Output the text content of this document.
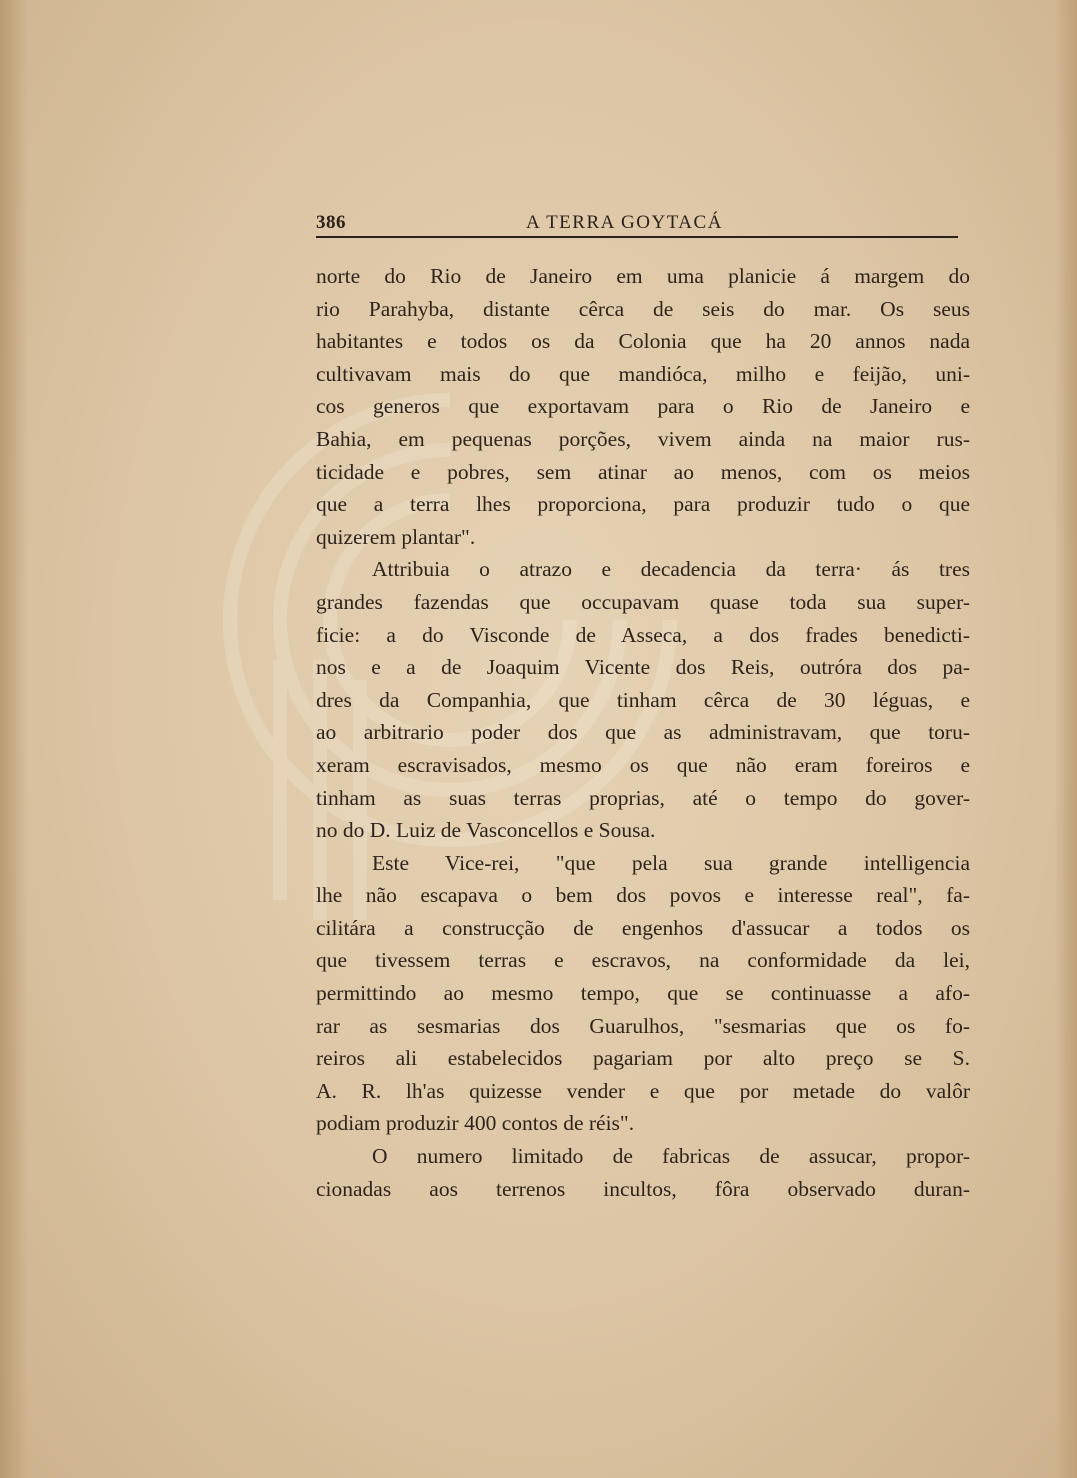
386	A TERRA GOYTACÁ
norte do Rio de Janeiro em uma planicie á margem do
rio Parahyba, distante cêrca de seis do mar. Os seus
habitantes e todos os da Colonia que ha 20 annos nada
cultivavam mais do que mandióca, milho e feijão, uni-
cos generos que exportavam para o Rio de Janeiro e
Bahia, em pequenas porções, vivem ainda na maior rus-
ticidade e pobres, sem atinar ao menos, com os meios
que a terra lhes proporciona, para produzir tudo o que
quizerem plantar".
Attribuia o atrazo e decadencia da terra· ás tres
grandes fazendas que occupavam quase toda sua super-
ficie: a do Visconde de Asseca, a dos frades benedicti-
nos e a de Joaquim Vicente dos Reis, outróra dos pa-
dres da Companhia, que tinham cêrca de 30 léguas, e
ao arbitrario poder dos que as administravam, que toru-
xeram escravisados, mesmo os que não eram foreiros e
tinham as suas terras proprias, até o tempo do gover-
no do D. Luiz de Vasconcellos e Sousa.
Este Vice-rei, "que pela sua grande intelligencia
lhe não escapava o bem dos povos e interesse real", fa-
cilitára a construcção de engenhos d'assucar a todos os
que tivessem terras e escravos, na conformidade da lei,
permittindo ao mesmo tempo, que se continuasse a afo-
rar as sesmarias dos Guarulhos, "sesmarias que os fo-
reiros ali estabelecidos pagariam por alto preço se S.
A. R. lh'as quizesse vender e que por metade do valôr
podiam produzir 400 contos de réis".
O numero limitado de fabricas de assucar, propor-
cionadas aos terrenos incultos, fôra observado duran-
